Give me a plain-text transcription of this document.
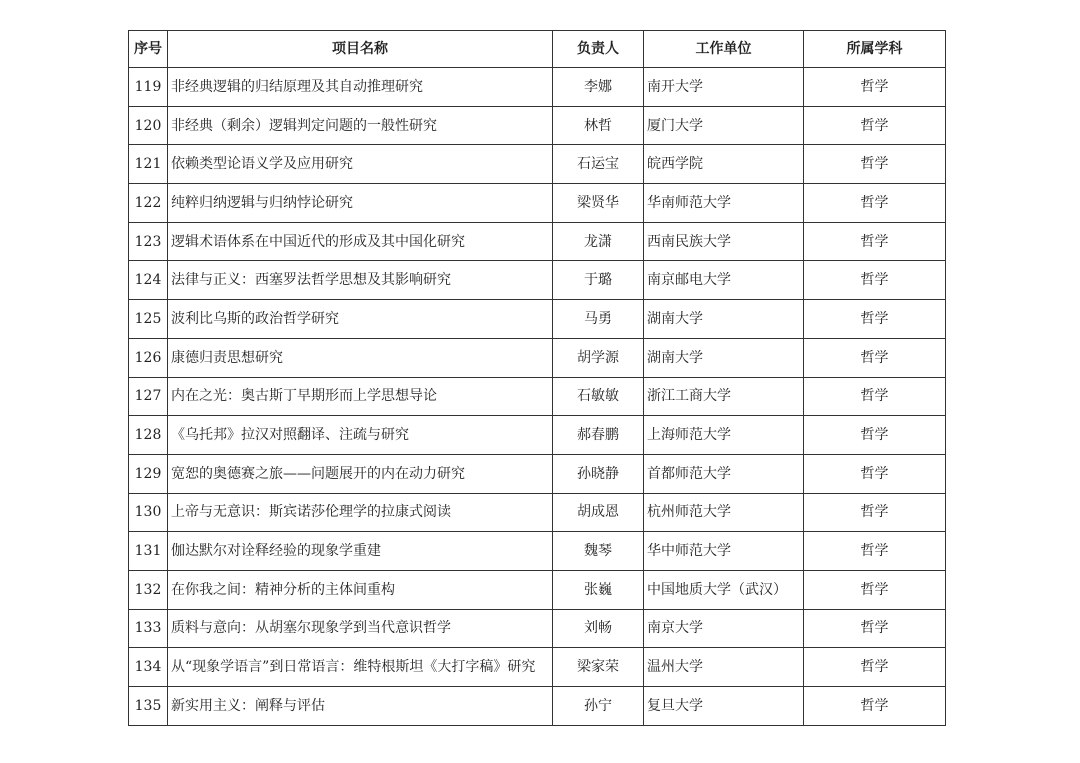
序号	项目名称	负责人	工作单位	所属学科
119	非经典逻辑的归结原理及其自动推理研究	李娜	南开大学	哲学
120	非经典（剩余）逻辑判定问题的一般性研究	林哲	厦门大学	哲学
121	依赖类型论语义学及应用研究	石运宝	皖西学院	哲学
122	纯粹归纳逻辑与归纳悖论研究	梁贤华	华南师范大学	哲学
123	逻辑术语体系在中国近代的形成及其中国化研究	龙潇	西南民族大学	哲学
124	法律与正义：西塞罗法哲学思想及其影响研究	于璐	南京邮电大学	哲学
125	波利比乌斯的政治哲学研究	马勇	湖南大学	哲学
126	康德归责思想研究	胡学源	湖南大学	哲学
127	内在之光：奥古斯丁早期形而上学思想导论	石敏敏	浙江工商大学	哲学
128	《乌托邦》拉汉对照翻译、注疏与研究	郝春鹏	上海师范大学	哲学
129	宽恕的奥德赛之旅——问题展开的内在动力研究	孙晓静	首都师范大学	哲学
130	上帝与无意识：斯宾诺莎伦理学的拉康式阅读	胡成恩	杭州师范大学	哲学
131	伽达默尔对诠释经验的现象学重建	魏琴	华中师范大学	哲学
132	在你我之间：精神分析的主体间重构	张巍	中国地质大学（武汉）	哲学
133	质料与意向：从胡塞尔现象学到当代意识哲学	刘畅	南京大学	哲学
134	从“现象学语言”到日常语言：维特根斯坦《大打字稿》研究	梁家荣	温州大学	哲学
135	新实用主义：阐释与评估	孙宁	复旦大学	哲学
